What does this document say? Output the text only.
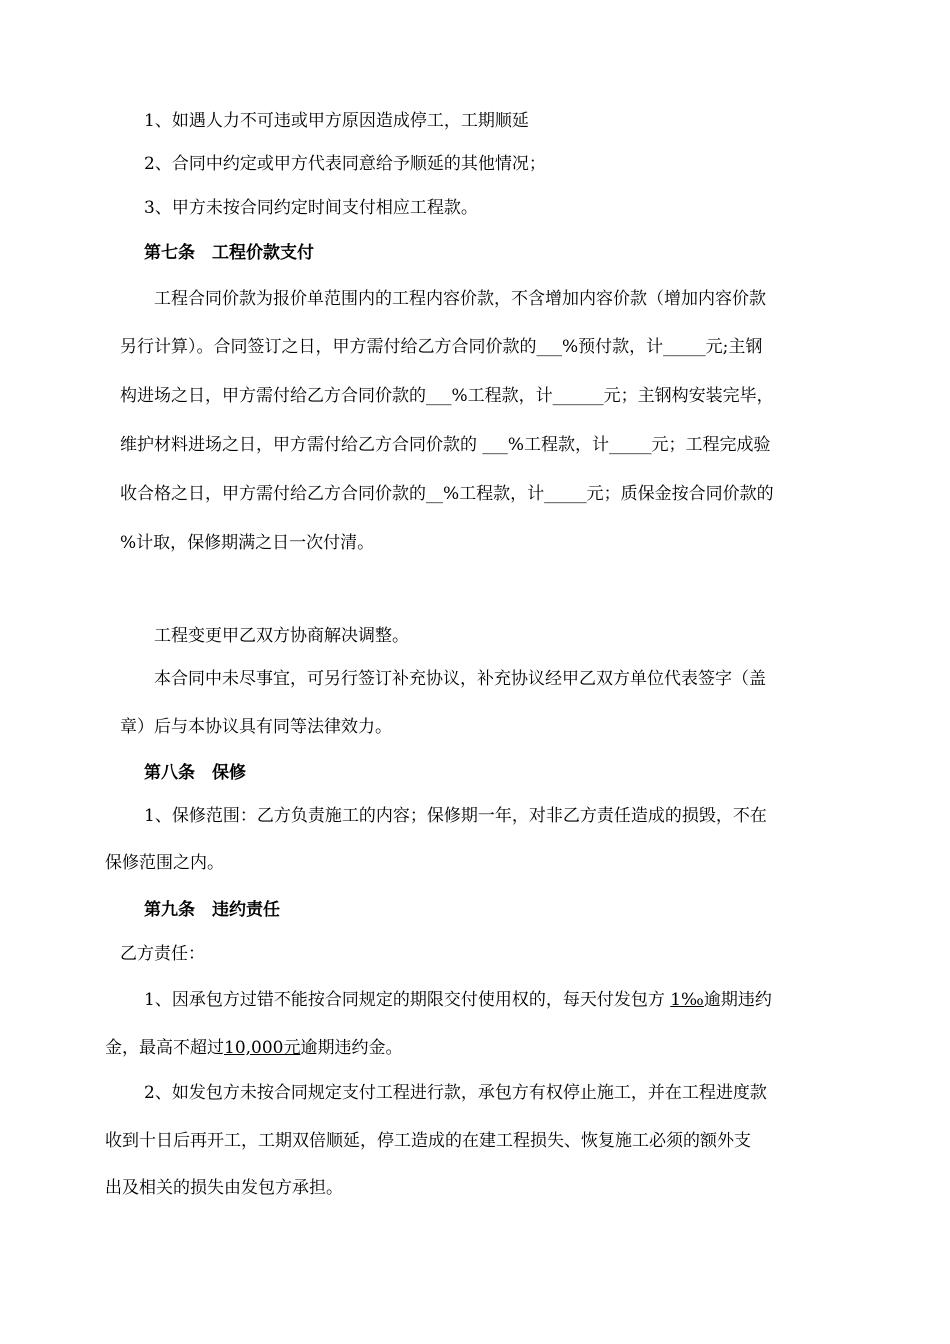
1、如遇人力不可违或甲方原因造成停工，工期顺延
2、合同中约定或甲方代表同意给予顺延的其他情况；
3、甲方未按合同约定时间支付相应工程款。
第七条　工程价款支付
工程合同价款为报价单范围内的工程内容价款，不含增加内容价款（增加内容价款
另行计算）。合同签订之日，甲方需付给乙方合同价款的___%预付款，计_____元;主钢
构进场之日，甲方需付给乙方合同价款的___%工程款，计______元；主钢构安装完毕，
维护材料进场之日，甲方需付给乙方合同价款的 ___%工程款，计_____元；工程完成验
收合格之日，甲方需付给乙方合同价款的__%工程款，计_____元；质保金按合同价款的
%计取，保修期满之日一次付清。
工程变更甲乙双方协商解决调整。
本合同中未尽事宜，可另行签订补充协议，补充协议经甲乙双方单位代表签字（盖
章）后与本协议具有同等法律效力。
第八条　保修
1、保修范围：乙方负责施工的内容；保修期一年，对非乙方责任造成的损毁，不在
保修范围之内。
第九条　违约责任
乙方责任：
1、因承包方过错不能按合同规定的期限交付使用权的，每天付发包方 1‰逾期违约
金，最高不超过10,000元逾期违约金。
2、如发包方未按合同规定支付工程进行款，承包方有权停止施工，并在工程进度款
收到十日后再开工，工期双倍顺延，停工造成的在建工程损失、恢复施工必须的额外支
出及相关的损失由发包方承担。
